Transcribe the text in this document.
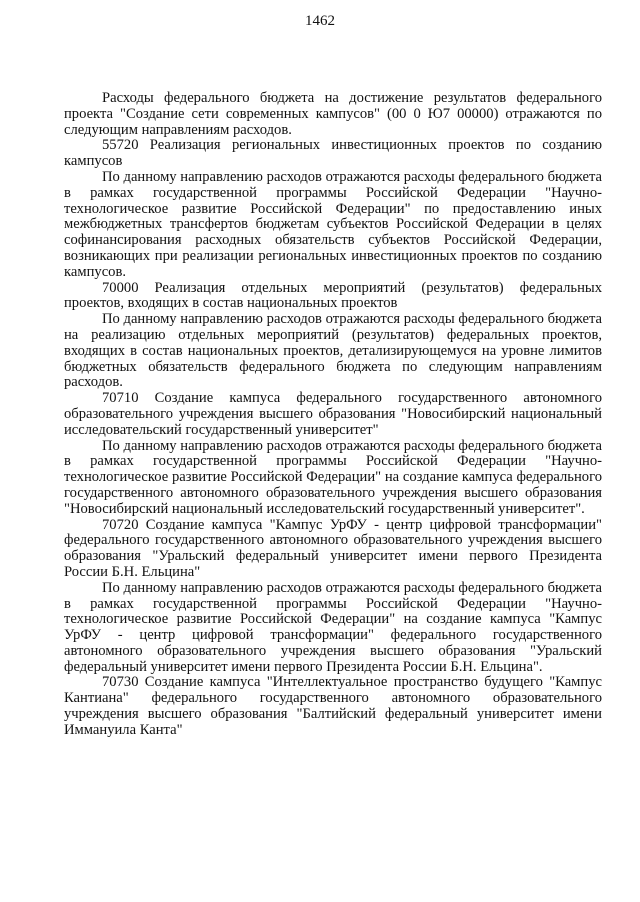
1462

Расходы федерального бюджета на достижение результатов федерального проекта "Создание сети современных кампусов" (00 0 Ю7 00000) отражаются по следующим направлениям расходов.

55720 Реализация региональных инвестиционных проектов по созданию кампусов

По данному направлению расходов отражаются расходы федерального бюджета в рамках государственной программы Российской Федерации "Научно-технологическое развитие Российской Федерации" по предоставлению иных межбюджетных трансфертов бюджетам субъектов Российской Федерации в целях софинансирования расходных обязательств субъектов Российской Федерации, возникающих при реализации региональных инвестиционных проектов по созданию кампусов.

70000 Реализация отдельных мероприятий (результатов) федеральных проектов, входящих в состав национальных проектов

По данному направлению расходов отражаются расходы федерального бюджета на реализацию отдельных мероприятий (результатов) федеральных проектов, входящих в состав национальных проектов, детализирующемуся на уровне лимитов бюджетных обязательств федерального бюджета по следующим направлениям расходов.

70710 Создание кампуса федерального государственного автономного образовательного учреждения высшего образования "Новосибирский национальный исследовательский государственный университет"

По данному направлению расходов отражаются расходы федерального бюджета в рамках государственной программы Российской Федерации "Научно-технологическое развитие Российской Федерации" на создание кампуса федерального государственного автономного образовательного учреждения высшего образования "Новосибирский национальный исследовательский государственный университет".

70720 Создание кампуса "Кампус УрФУ - центр цифровой трансформации" федерального государственного автономного образовательного учреждения высшего образования "Уральский федеральный университет имени первого Президента России Б.Н. Ельцина"

По данному направлению расходов отражаются расходы федерального бюджета в рамках государственной программы Российской Федерации "Научно-технологическое развитие Российской Федерации" на создание кампуса "Кампус УрФУ - центр цифровой трансформации" федерального государственного автономного образовательного учреждения высшего образования "Уральский федеральный университет имени первого Президента России Б.Н. Ельцина".

70730 Создание кампуса "Интеллектуальное пространство будущего "Кампус Кантиана" федерального государственного автономного образовательного учреждения высшего образования "Балтийский федеральный университет имени Иммануила Канта"
